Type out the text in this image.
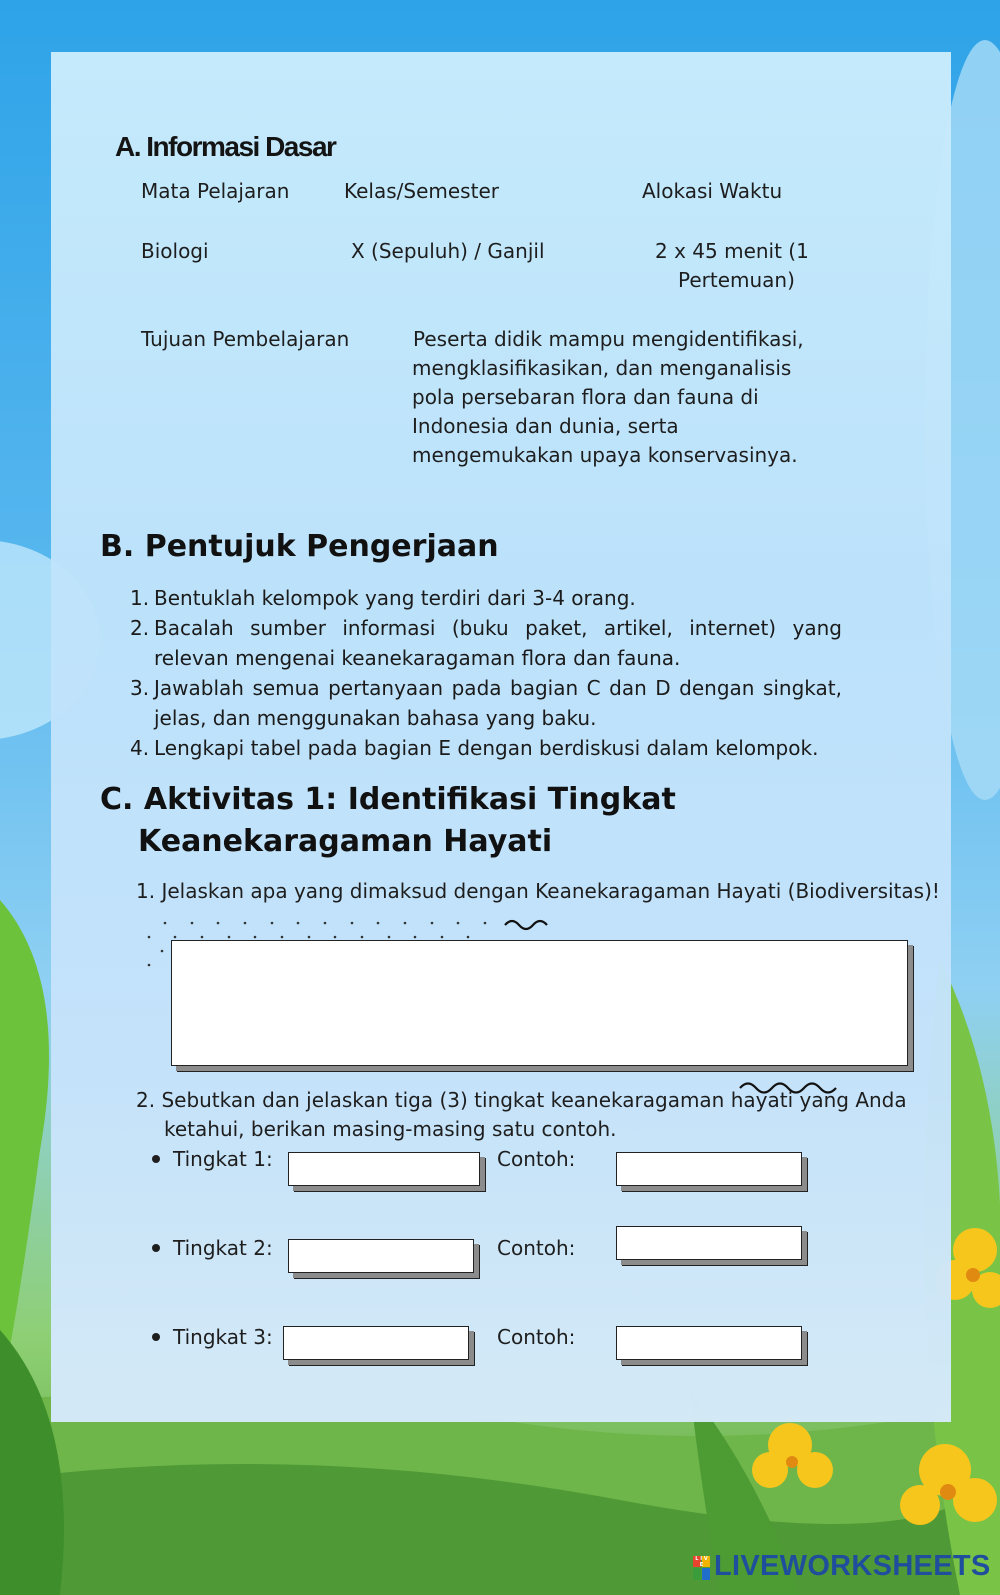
A. Informasi Dasar
Mata Pelajaran	Kelas/Semester	Alokasi Waktu
Biologi	X (Sepuluh) / Ganjil	2 x 45 menit (1
Pertemuan)
Tujuan Pembelajaran	Peserta didik mampu mengidentifikasi,
mengklasifikasikan, dan menganalisis
pola persebaran flora dan fauna di
Indonesia dan dunia, serta
mengemukakan upaya konservasinya.
B. Pentujuk Pengerjaan
1. Bentuklah kelompok yang terdiri dari 3-4 orang.
2. Bacalah sumber informasi (buku paket, artikel, internet) yang relevan mengenai keanekaragaman flora dan fauna.
3. Jawablah semua pertanyaan pada bagian C dan D dengan singkat, jelas, dan menggunakan bahasa yang baku.
4. Lengkapi tabel pada bagian E dengan berdiskusi dalam kelompok.
C. Aktivitas 1: Identifikasi Tingkat
Keanekaragaman Hayati
1. Jelaskan apa yang dimaksud dengan Keanekaragaman Hayati (Biodiversitas)!
2. Sebutkan dan jelaskan tiga (3) tingkat keanekaragaman hayati yang Anda
ketahui, berikan masing-masing satu contoh.
Tingkat 1:	Contoh:
Tingkat 2:	Contoh:
Tingkat 3:	Contoh:
L I V E LIVEWORKSHEETS
